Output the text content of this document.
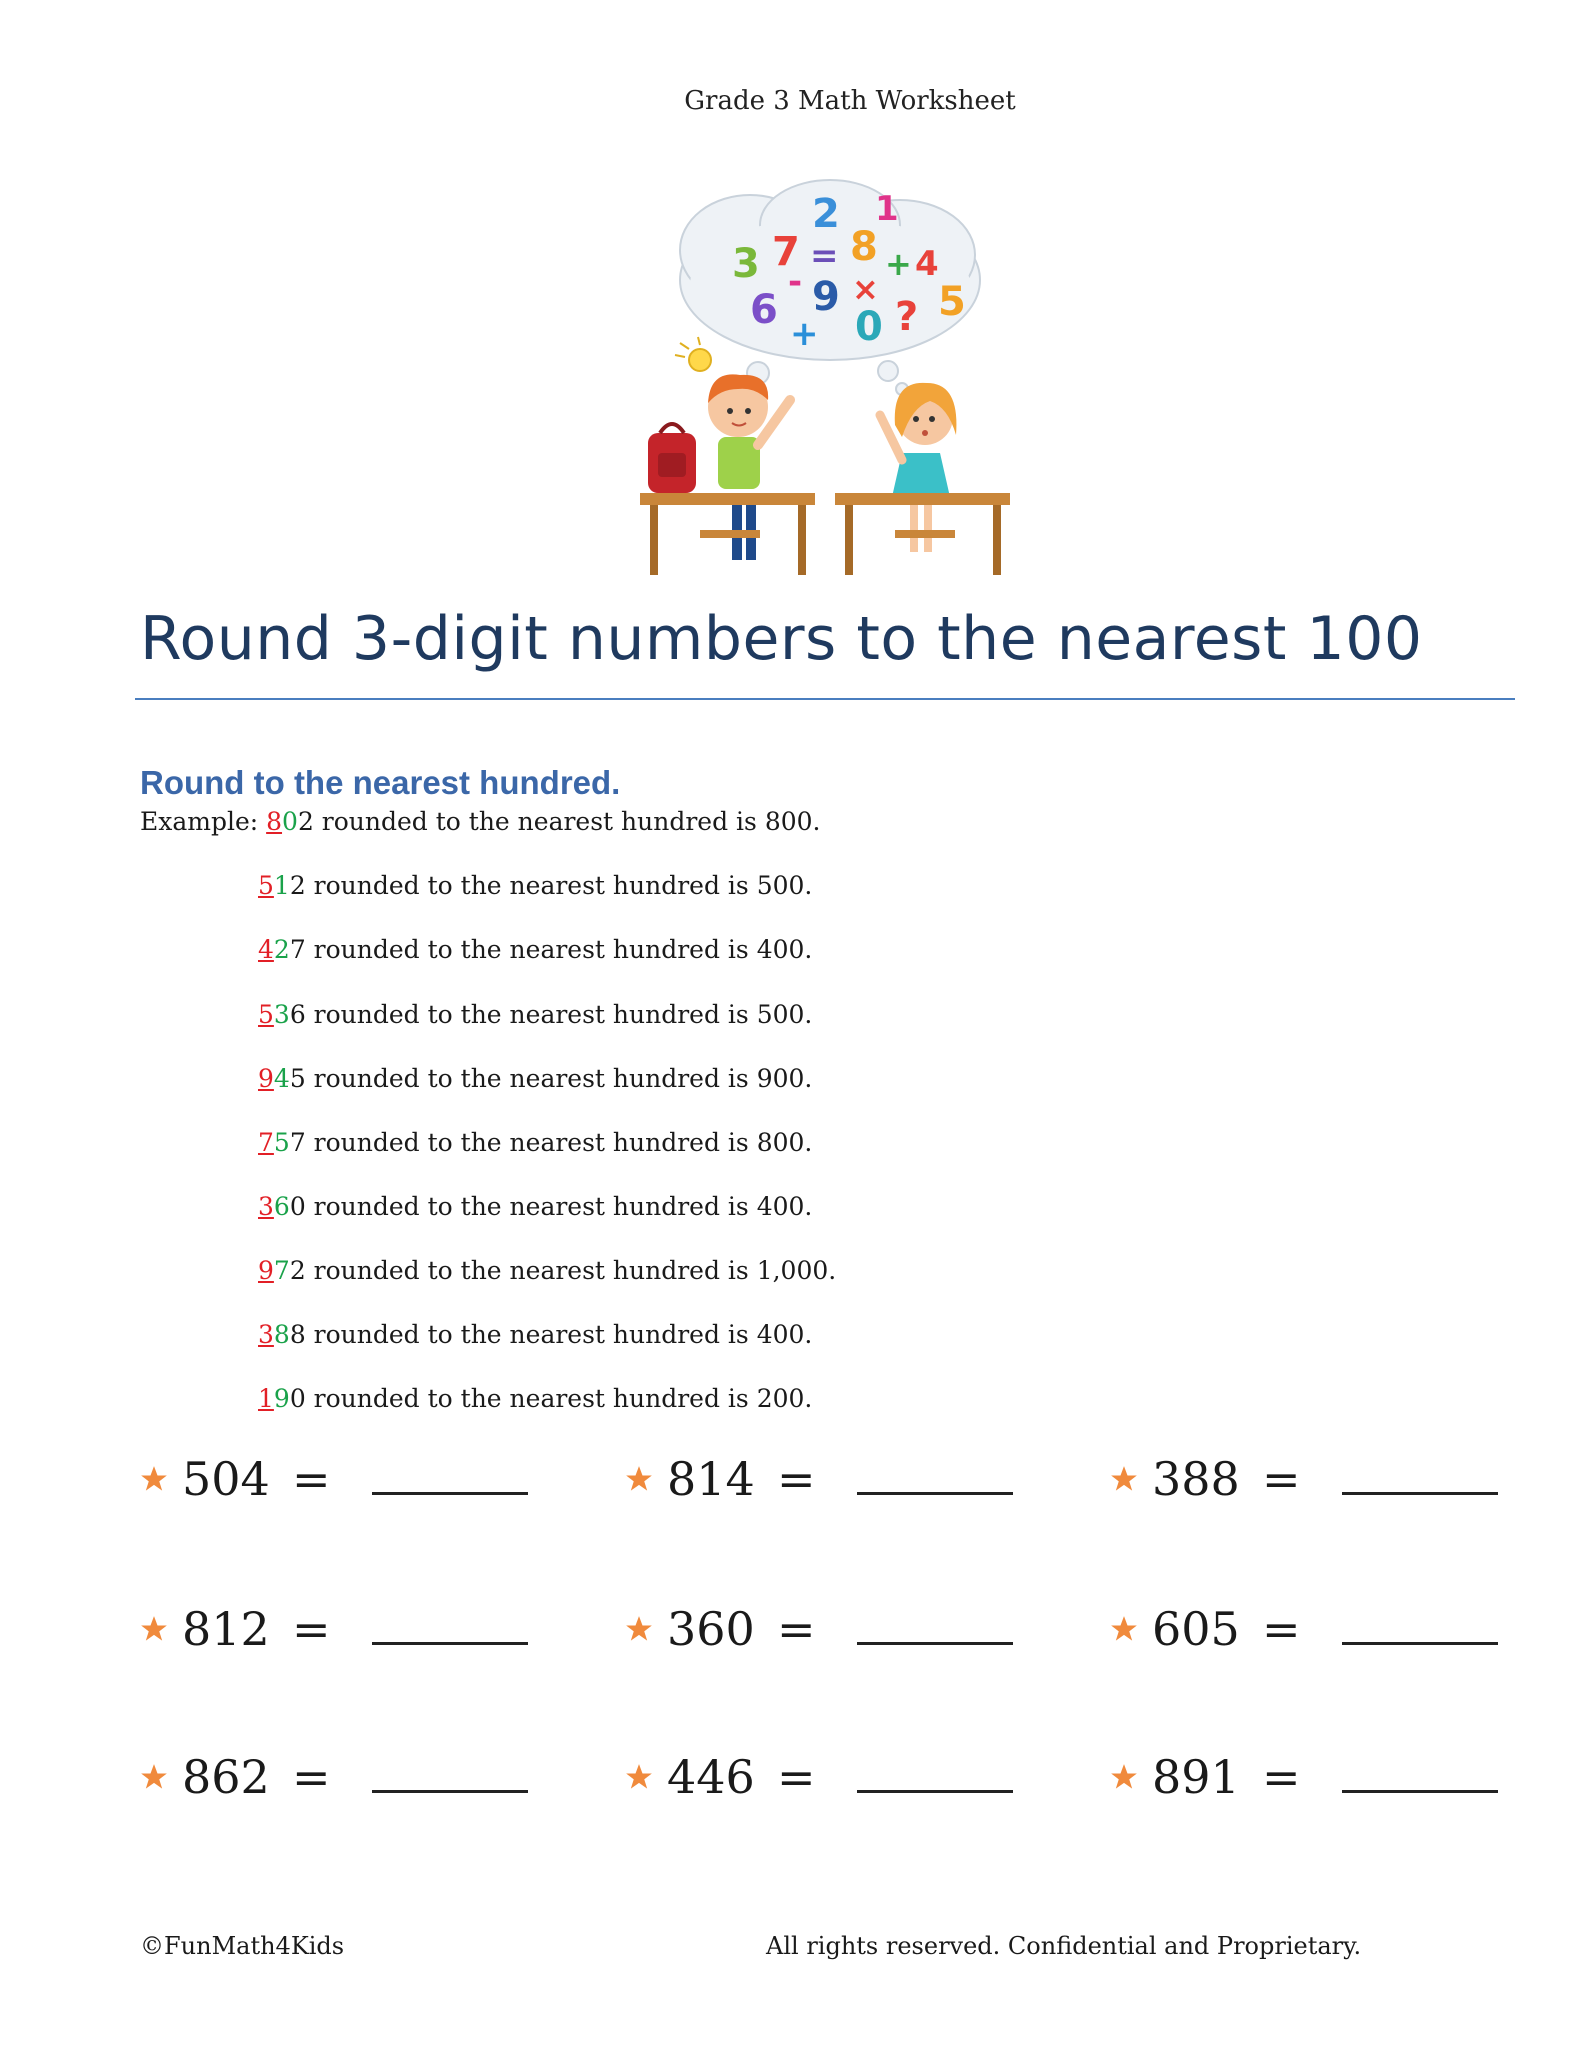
Grade 3 Math Worksheet
2 1
3 7 = 8 + 4
6
- 9 × 5
+ 0 ?
Round 3-digit numbers to the nearest 100
Round to the nearest hundred.
Example: 802 rounded to the nearest hundred is 800.
512 rounded to the nearest hundred is 500.
427 rounded to the nearest hundred is 400.
536 rounded to the nearest hundred is 500.
945 rounded to the nearest hundred is 900.
757 rounded to the nearest hundred is 800.
360 rounded to the nearest hundred is 400.
972 rounded to the nearest hundred is 1,000.
388 rounded to the nearest hundred is 400.
190 rounded to the nearest hundred is 200.
504 =	814 =	388 =
812 =	360 =	605 =
862 =	446 =	891 =
©FunMath4Kids	All rights reserved. Confidential and Proprietary.
